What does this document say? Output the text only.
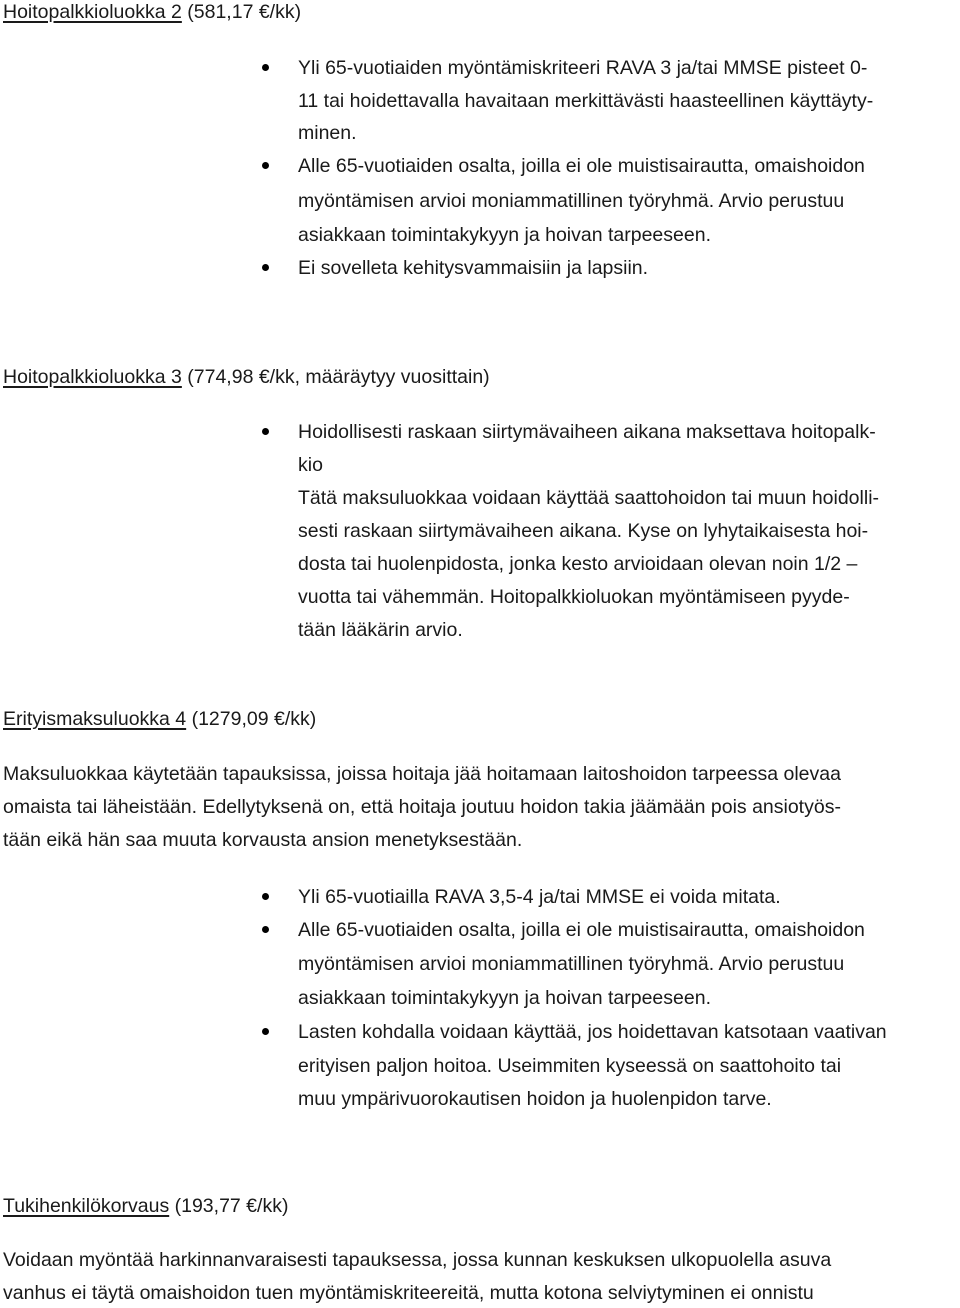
Hoitopalkkioluokka 2 (581,17 €/kk)
Yli 65-vuotiaiden myöntämiskriteeri RAVA 3 ja/tai MMSE pisteet 0-
11 tai hoidettavalla havaitaan merkittävästi haasteellinen käyttäyty-
minen.
Alle 65-vuotiaiden osalta, joilla ei ole muistisairautta, omaishoidon
myöntämisen arvioi moniammatillinen työryhmä. Arvio perustuu
asiakkaan toimintakykyyn ja hoivan tarpeeseen.
Ei sovelleta kehitysvammaisiin ja lapsiin.
Hoitopalkkioluokka 3 (774,98 €/kk, määräytyy vuosittain)
Hoidollisesti raskaan siirtymävaiheen aikana maksettava hoitopalk-
kio
Tätä maksuluokkaa voidaan käyttää saattohoidon tai muun hoidolli-
sesti raskaan siirtymävaiheen aikana. Kyse on lyhytaikaisesta hoi-
dosta tai huolenpidosta, jonka kesto arvioidaan olevan noin 1/2 –
vuotta tai vähemmän. Hoitopalkkioluokan myöntämiseen pyyde-
tään lääkärin arvio.
Erityismaksuluokka 4 (1279,09 €/kk)
Maksuluokkaa käytetään tapauksissa, joissa hoitaja jää hoitamaan laitoshoidon tarpeessa olevaa
omaista tai läheistään. Edellytyksenä on, että hoitaja joutuu hoidon takia jäämään pois ansiotyös-
tään eikä hän saa muuta korvausta ansion menetyksestään.
Yli 65-vuotiailla RAVA 3,5-4 ja/tai MMSE ei voida mitata.
Alle 65-vuotiaiden osalta, joilla ei ole muistisairautta, omaishoidon
myöntämisen arvioi moniammatillinen työryhmä. Arvio perustuu
asiakkaan toimintakykyyn ja hoivan tarpeeseen.
Lasten kohdalla voidaan käyttää, jos hoidettavan katsotaan vaativan
erityisen paljon hoitoa. Useimmiten kyseessä on saattohoito tai
muu ympärivuorokautisen hoidon ja huolenpidon tarve.
Tukihenkilökorvaus (193,77 €/kk)
Voidaan myöntää harkinnanvaraisesti tapauksessa, jossa kunnan keskuksen ulkopuolella asuva
vanhus ei täytä omaishoidon tuen myöntämiskriteereitä, mutta kotona selviytyminen ei onnistu
